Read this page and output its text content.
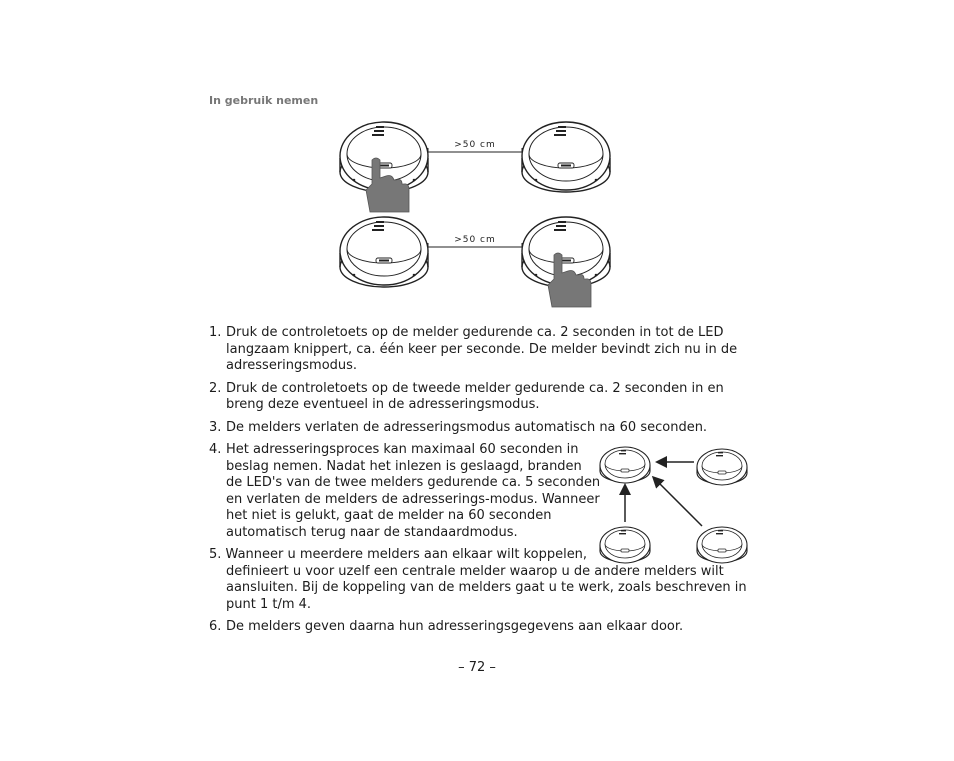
In gebruik nemen
>50 cm
>50 cm
1. Druk de controletoets op de melder gedurende ca. 2 seconden in tot de LED langzaam knippert, ca. één keer per seconde. De melder bevindt zich nu in de adresseringsmodus.
2. Druk de controletoets op de tweede melder gedurende ca. 2 seconden in en breng deze eventueel in de adresseringsmodus.
3. De melders verlaten de adresseringsmodus automatisch na 60 seconden.
4. Het adresseringsproces kan maximaal 60 seconden in beslag nemen. Nadat het inlezen is geslaagd, branden de LED's van de twee melders gedurende ca. 5 seconden en verlaten de melders de adresserings-modus. Wanneer het niet is gelukt, gaat de melder na 60 seconden automatisch terug naar de standaardmodus.
5. Wanneer u meerdere melders aan elkaar wilt koppelen,
definieert u voor uzelf een centrale melder waarop u de andere melders wilt aansluiten. Bij de koppeling van de melders gaat u te werk, zoals beschreven in punt 1 t/m 4.
6. De melders geven daarna hun adresseringsgegevens aan elkaar door.
– 72 –
